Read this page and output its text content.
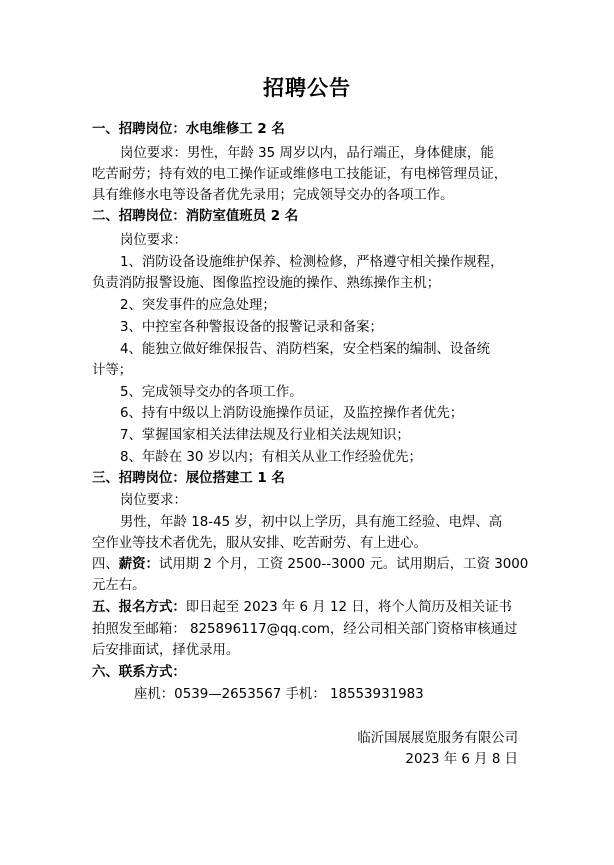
招聘公告
一、招聘岗位：水电维修工 2 名
岗位要求：男性，年龄 35 周岁以内，品行端正，身体健康，能
吃苦耐劳；持有效的电工操作证或维修电工技能证，有电梯管理员证，
具有维修水电等设备者优先录用；完成领导交办的各项工作。
二、招聘岗位：消防室值班员 2 名
岗位要求：
1、消防设备设施维护保养、检测检修，严格遵守相关操作规程，
负责消防报警设施、图像监控设施的操作、熟练操作主机；
2、突发事件的应急处理；
3、中控室各种警报设备的报警记录和备案；
4、能独立做好维保报告、消防档案，安全档案的编制、设备统
计等；
5、完成领导交办的各项工作。
6、持有中级以上消防设施操作员证，及监控操作者优先；
7、掌握国家相关法律法规及行业相关法规知识；
8、年龄在 30 岁以内；有相关从业工作经验优先；
三、招聘岗位：展位搭建工 1 名
岗位要求：
男性，年龄 18-45 岁，初中以上学历，具有施工经验、电焊、高
空作业等技术者优先，服从安排、吃苦耐劳、有上进心。
四、薪资：试用期 2 个月，工资 2500--3000 元。试用期后，工资 3000
元左右。
五、报名方式：即日起至 2023 年 6 月 12 日，将个人简历及相关证书
拍照发至邮箱： 825896117@qq.com，经公司相关部门资格审核通过
后安排面试，择优录用。
六、联系方式：
座机：0539—2653567 手机： 18553931983
临沂国展展览服务有限公司
2023 年 6 月 8 日
